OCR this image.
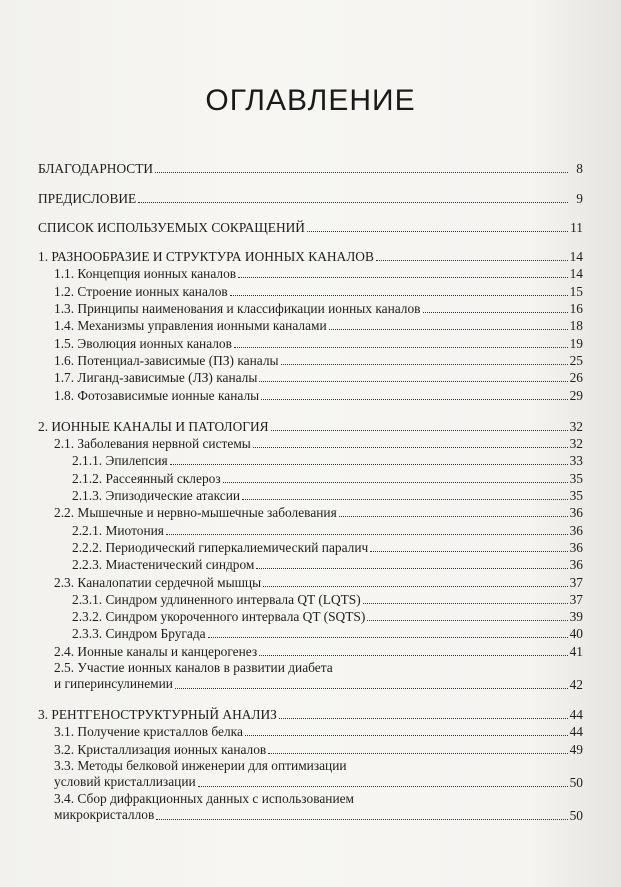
ОГЛАВЛЕНИЕ
БЛАГОДАРНОСТИ	8
ПРЕДИСЛОВИЕ	9
СПИСОК ИСПОЛЬЗУЕМЫХ СОКРАЩЕНИЙ	11
1. РАЗНООБРАЗИЕ И СТРУКТУРА ИОННЫХ КАНАЛОВ	14
1.1. Концепция ионных каналов	14
1.2. Строение ионных каналов	15
1.3. Принципы наименования и классификации ионных каналов	16
1.4. Механизмы управления ионными каналами	18
1.5. Эволюция ионных каналов	19
1.6. Потенциал-зависимые (ПЗ) каналы	25
1.7. Лиганд-зависимые (ЛЗ) каналы	26
1.8. Фотозависимые ионные каналы	29
2. ИОННЫЕ КАНАЛЫ И ПАТОЛОГИЯ	32
2.1. Заболевания нервной системы	32
2.1.1. Эпилепсия	33
2.1.2. Рассеянный склероз	35
2.1.3. Эпизодические атаксии	35
2.2. Мышечные и нервно-мышечные заболевания	36
2.2.1. Миотония	36
2.2.2. Периодический гиперкалиемический паралич	36
2.2.3. Миастенический синдром	36
2.3. Каналопатии сердечной мышцы	37
2.3.1. Синдром удлиненного интервала QT (LQTS)	37
2.3.2. Синдром укороченного интервала QT (SQTS)	39
2.3.3. Синдром Бругада	40
2.4. Ионные каналы и канцерогенез	41
2.5. Участие ионных каналов в развитии диабета
и гиперинсулинемии	42
3. РЕНТГЕНОСТРУКТУРНЫЙ АНАЛИЗ	44
3.1. Получение кристаллов белка	44
3.2. Кристаллизация ионных каналов	49
3.3. Методы белковой инженерии для оптимизации
условий кристаллизации	50
3.4. Сбор дифракционных данных с использованием
микрокристаллов	50
